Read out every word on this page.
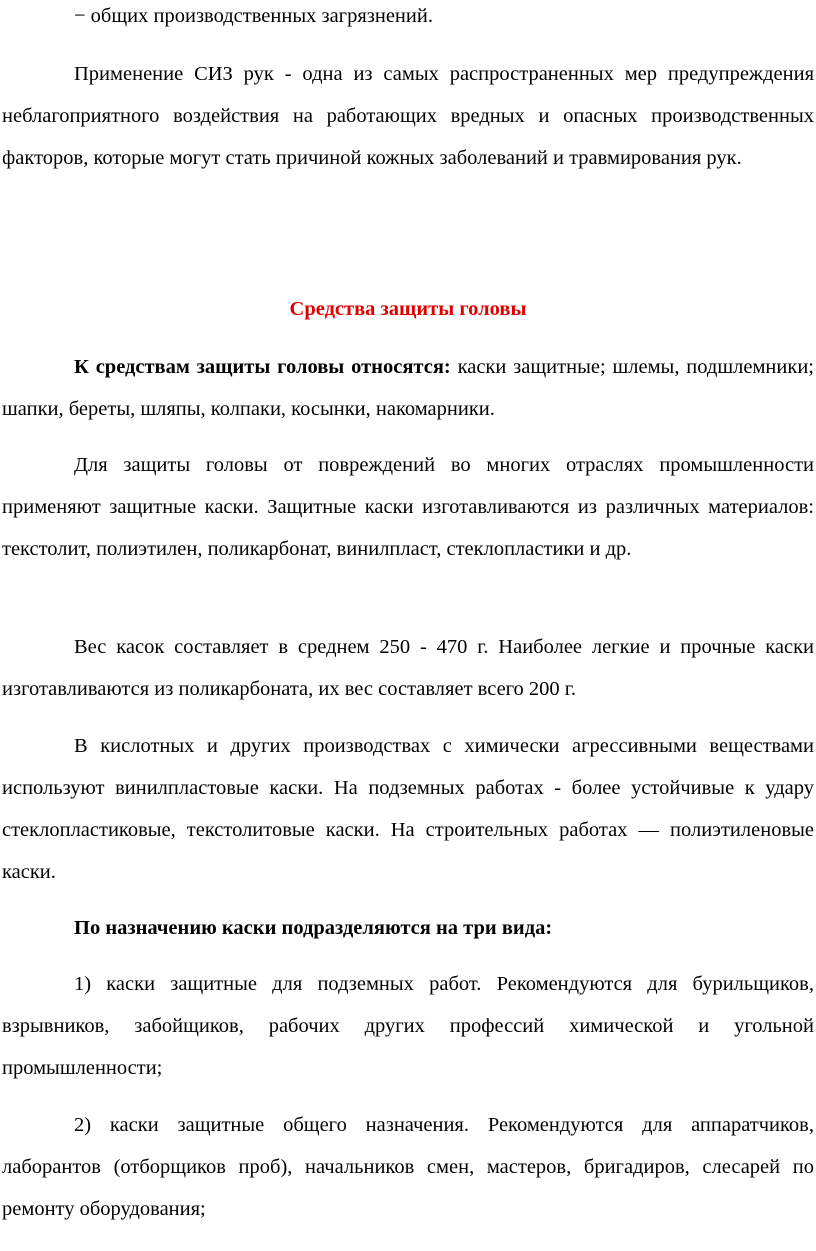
− общих производственных загрязнений.

Применение СИЗ рук - одна из самых распространенных мер предупреждения неблагоприятного воздействия на работающих вредных и опасных производственных факторов, которые могут стать причиной кожных заболеваний и травмирования рук.

Средства защиты головы

К средствам защиты головы относятся: каски защитные; шлемы, подшлемники; шапки, береты, шляпы, колпаки, косынки, накомарники.

Для защиты головы от повреждений во многих отраслях промышленности применяют защитные каски. Защитные каски изготавливаются из различных материалов: текстолит, полиэтилен, поликарбонат, винилпласт, стеклопластики и др.

Вес касок составляет в среднем 250 - 470 г. Наиболее легкие и прочные каски изготавливаются из поликарбоната, их вес составляет всего 200 г.

В кислотных и других производствах с химически агрессивными веществами используют винилпластовые каски. На подземных работах - более устойчивые к удару стеклопластиковые, текстолитовые каски. На строительных работах — полиэтиленовые каски.

По назначению каски подразделяются на три вида:

1) каски защитные для подземных работ. Рекомендуются для бурильщиков, взрывников, забойщиков, рабочих других профессий химической и угольной промышленности;

2) каски защитные общего назначения. Рекомендуются для аппаратчиков, лаборантов (отборщиков проб), начальников смен, мастеров, бригадиров, слесарей по ремонту оборудования;
